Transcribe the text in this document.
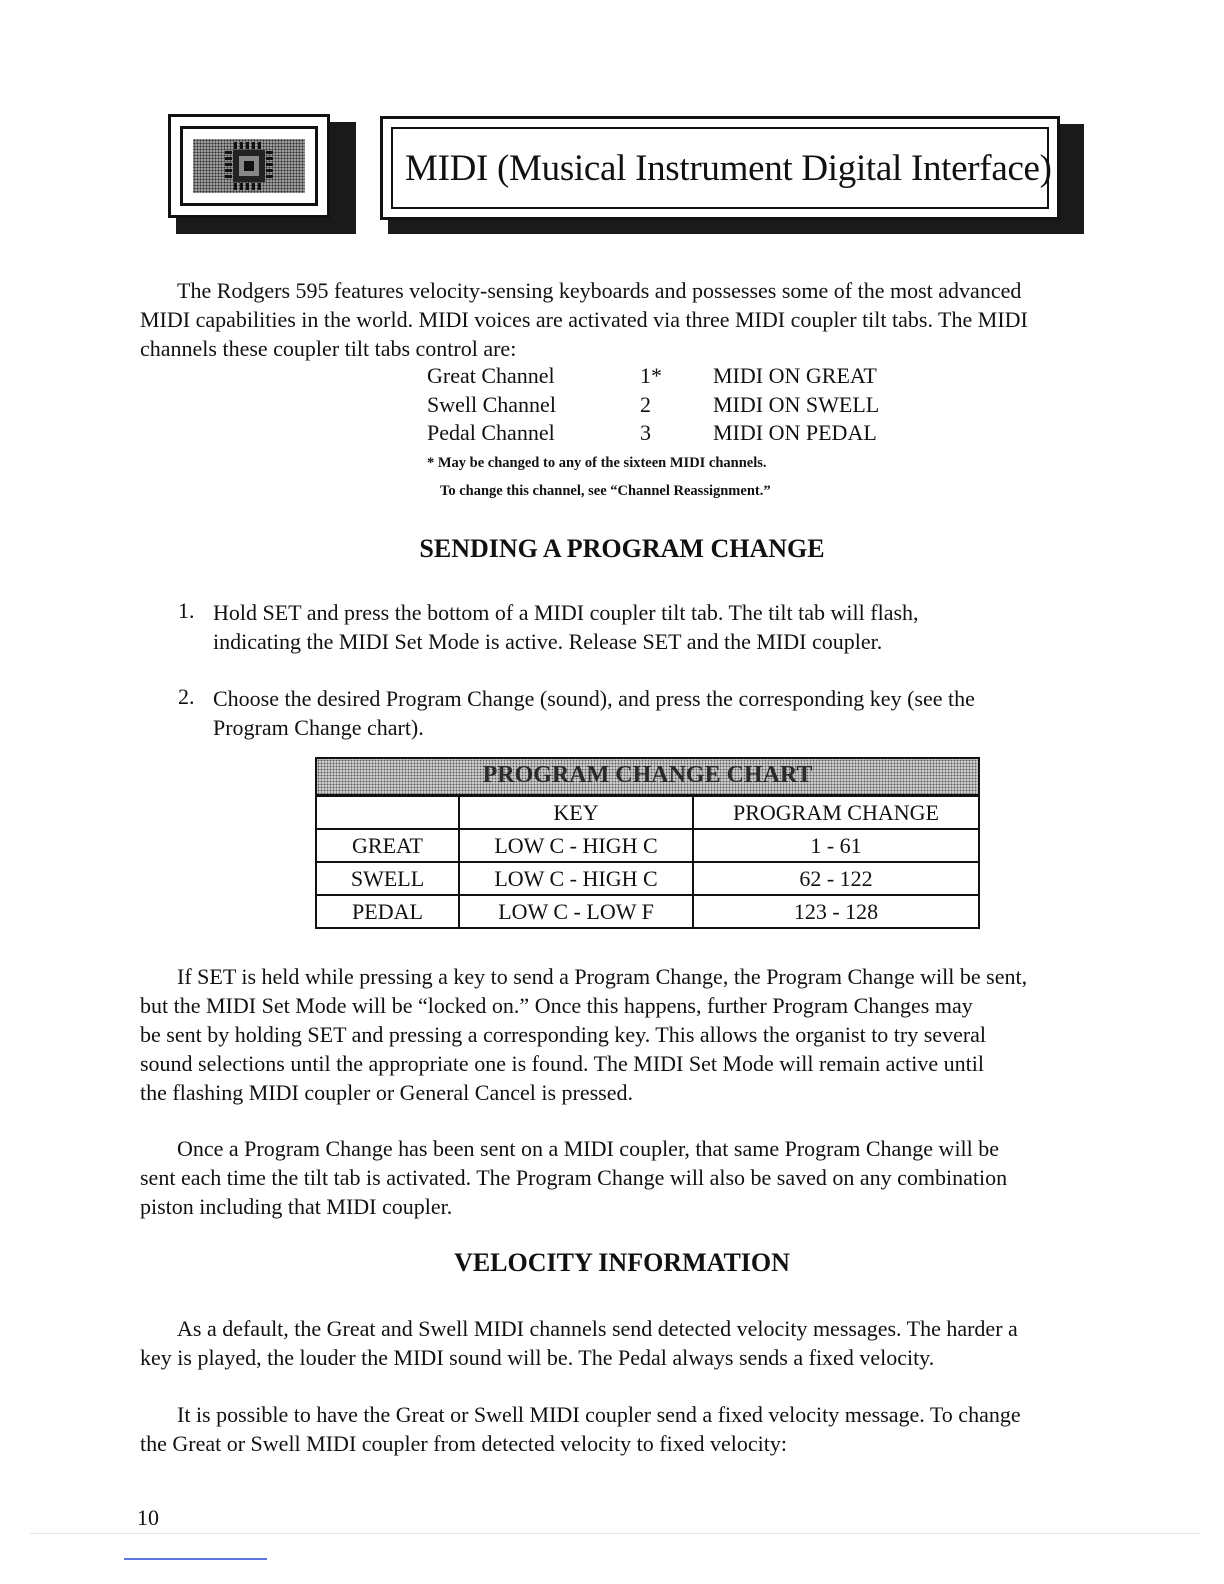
MIDI (Musical Instrument Digital Interface)

The Rodgers 595 features velocity-sensing keyboards and possesses some of the most advanced
MIDI capabilities in the world. MIDI voices are activated via three MIDI coupler tilt tabs. The MIDI
channels these coupler tilt tabs control are:

Great Channel	1*	MIDI ON GREAT
Swell Channel	2	MIDI ON SWELL
Pedal Channel	3	MIDI ON PEDAL
* May be changed to any of the sixteen MIDI channels.
To change this channel, see “Channel Reassignment.”
SENDING A PROGRAM CHANGE
1. Hold SET and press the bottom of a MIDI coupler tilt tab. The tilt tab will flash,
indicating the MIDI Set Mode is active. Release SET and the MIDI coupler.
2. Choose the desired Program Change (sound), and press the corresponding key (see the
Program Change chart).
PROGRAM CHANGE CHART
	KEY	PROGRAM CHANGE
GREAT	LOW C - HIGH C	1 - 61
SWELL	LOW C - HIGH C	62 - 122
PEDAL	LOW C - LOW F	123 - 128

If SET is held while pressing a key to send a Program Change, the Program Change will be sent,
but the MIDI Set Mode will be “locked on.” Once this happens, further Program Changes may
be sent by holding SET and pressing a corresponding key. This allows the organist to try several
sound selections until the appropriate one is found. The MIDI Set Mode will remain active until
the flashing MIDI coupler or General Cancel is pressed.

Once a Program Change has been sent on a MIDI coupler, that same Program Change will be
sent each time the tilt tab is activated. The Program Change will also be saved on any combination
piston including that MIDI coupler.

VELOCITY INFORMATION

As a default, the Great and Swell MIDI channels send detected velocity messages. The harder a
key is played, the louder the MIDI sound will be. The Pedal always sends a fixed velocity.

It is possible to have the Great or Swell MIDI coupler send a fixed velocity message. To change
the Great or Swell MIDI coupler from detected velocity to fixed velocity:

10
